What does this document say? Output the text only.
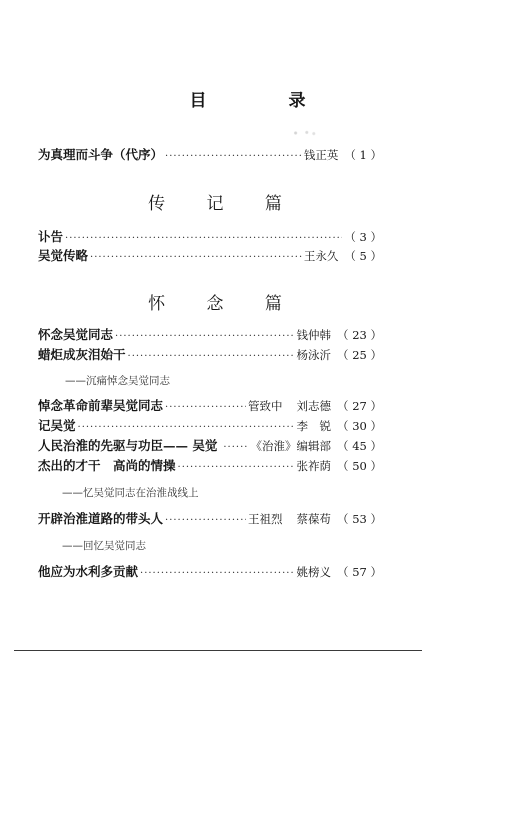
目 录
为真理而斗争（代序） ·····	钱正英 （ 1 ）
传 记 篇
讣告 ·····	（ 3 ）
吴觉传略 ·····	王永久 （ 5 ）
怀 念 篇
怀念吴觉同志 ·····	钱仲韩 （ 23 ）
蜡炬成灰泪始干 ·····	杨泳沂 （ 25 ）
——沉痛悼念吴觉同志
悼念革命前辈吴觉同志 ·····	管致中 刘志德 （ 27 ）
记吴觉 ·····	李　锐 （ 30 ）
人民治淮的先驱与功臣 —— 吴觉 ·····	《治淮》编辑部 （ 45 ）
杰出的才干　高尚的情操 ·····	张祚荫 （ 50 ）
——忆吴觉同志在治淮战线上
开辟治淮道路的带头人 ·····	王祖烈 蔡葆苟 （ 53 ）
——回忆吴觉同志
他应为水利多贡献 ·····	姚榜义 （ 57 ）
